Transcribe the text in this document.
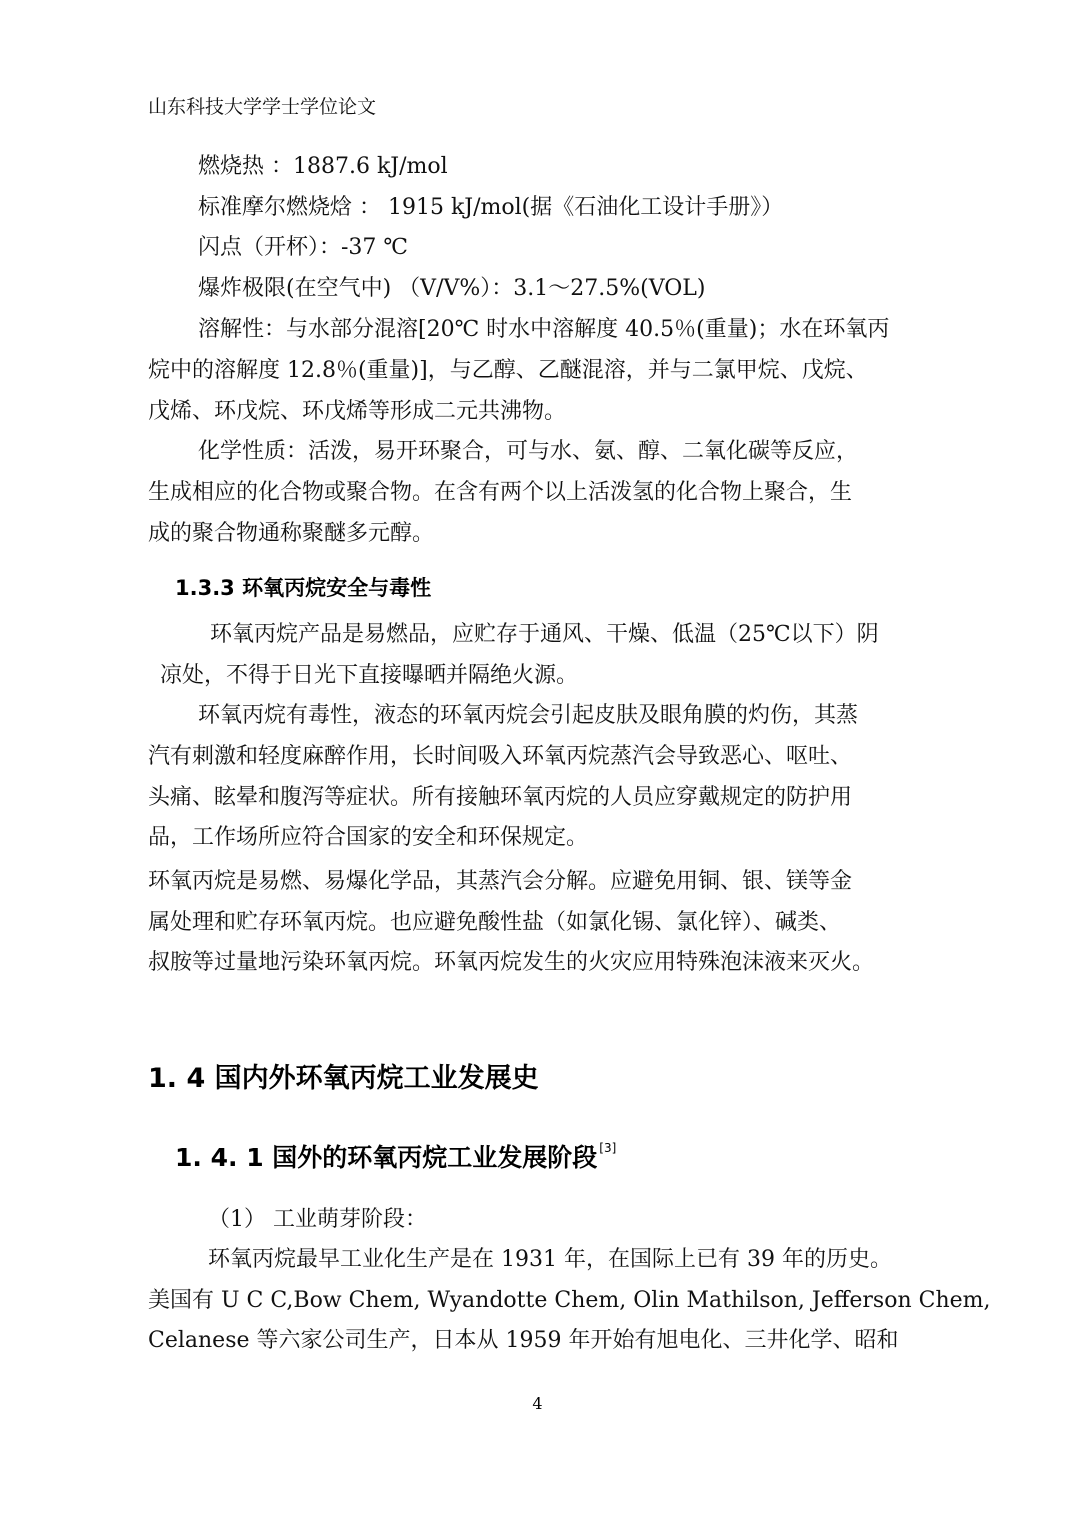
山东科技大学学士学位论文
燃烧热 ：1887.6 kJ/mol
标准摩尔燃烧焓 ： 1915 kJ/mol(据《石油化工设计手册》）
闪点（开杯）：-37 ℃
爆炸极限(在空气中) （V/V%）：3.1～27.5%(VOL)
溶解性：与水部分混溶[20℃ 时水中溶解度 40.5％(重量)；水在环氧丙
烷中的溶解度 12.8％(重量)]，与乙醇、乙醚混溶，并与二氯甲烷、戊烷、
戊烯、环戊烷、环戊烯等形成二元共沸物。
化学性质：活泼，易开环聚合，可与水、氨、醇、二氧化碳等反应，
生成相应的化合物或聚合物。在含有两个以上活泼氢的化合物上聚合，生
成的聚合物通称聚醚多元醇。
1.3.3 环氧丙烷安全与毒性
环氧丙烷产品是易燃品，应贮存于通风、干燥、低温（25℃以下）阴
凉处，不得于日光下直接曝晒并隔绝火源。
环氧丙烷有毒性，液态的环氧丙烷会引起皮肤及眼角膜的灼伤，其蒸
汽有刺激和轻度麻醉作用，长时间吸入环氧丙烷蒸汽会导致恶心、呕吐、
头痛、眩晕和腹泻等症状。所有接触环氧丙烷的人员应穿戴规定的防护用
品，工作场所应符合国家的安全和环保规定。
环氧丙烷是易燃、易爆化学品，其蒸汽会分解。应避免用铜、银、镁等金
属处理和贮存环氧丙烷。也应避免酸性盐（如氯化锡、氯化锌）、碱类、
叔胺等过量地污染环氧丙烷。环氧丙烷发生的火灾应用特殊泡沫液来灭火。
1. 4 国内外环氧丙烷工业发展史
1. 4. 1 国外的环氧丙烷工业发展阶段 [3]
（1） 工业萌芽阶段：
环氧丙烷最早工业化生产是在 1931 年，在国际上已有 39 年的历史。
美国有 U C C,Bow Chem, Wyandotte Chem, Olin Mathilson, Jefferson Chem,
Celanese 等六家公司生产，日本从 1959 年开始有旭电化、三井化学、昭和
4
